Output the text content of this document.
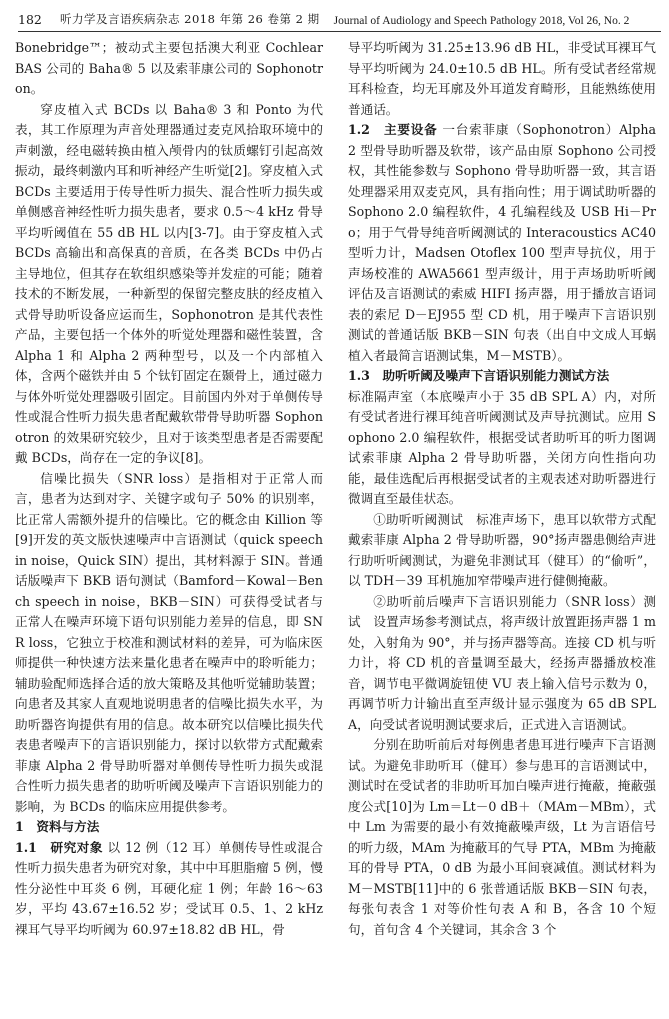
182	听力学及言语疾病杂志 2018 年第 26 卷第 2 期 Journal of Audiology and Speech Pathology 2018, Vol 26, No. 2

Bonebridge™；被动式主要包括澳大利亚 Cochlear BAS 公司的 Baha® 5 以及索菲康公司的 Sophonotron。

穿皮植入式 BCDs 以 Baha® 3 和 Ponto 为代表，其工作原理为声音处理器通过麦克风拾取环境中的声刺激，经电磁转换由植入颅骨内的钛质螺钉引起高效振动，最终刺激内耳和听神经产生听觉[2]。穿皮植入式 BCDs 主要适用于传导性听力损失、混合性听力损失或单侧感音神经性听力损失患者，要求 0.5～4 kHz 骨导平均听阈值在 55 dB HL 以内[3-7]。由于穿皮植入式 BCDs 高输出和高保真的音质，在各类 BCDs 中仍占主导地位，但其存在软组织感染等并发症的可能；随着技术的不断发展，一种新型的保留完整皮肤的经皮植入式骨导助听设备应运而生，Sophonotron 是其代表性产品，主要包括一个体外的听觉处理器和磁性装置，含 Alpha 1 和 Alpha 2 两种型号，以及一个内部植入体，含两个磁铁并由 5 个钛钉固定在颞骨上，通过磁力与体外听觉处理器吸引固定。目前国内外对于单侧传导性或混合性听力损失患者配戴软带骨导助听器 Sophonotron 的效果研究较少，且对于该类型患者是否需要配戴 BCDs，尚存在一定的争议[8]。

信噪比损失（SNR loss）是指相对于正常人而言，患者为达到对字、关键字或句子 50% 的识别率，比正常人需额外提升的信噪比。它的概念由 Killion 等[9]开发的英文版快速噪声中言语测试（quick speech in noise，Quick SIN）提出，其材料源于 SIN。普通话版噪声下 BKB 语句测试（Bamford－Kowal－Bench speech in noise，BKB－SIN）可获得受试者与正常人在噪声环境下语句识别能力差异的信息，即 SNR loss，它独立于校准和测试材料的差异，可为临床医师提供一种快速方法来量化患者在噪声中的聆听能力；辅助验配师选择合适的放大策略及其他听觉辅助装置；向患者及其家人直观地说明患者的信噪比损失水平，为助听器咨询提供有用的信息。故本研究以信噪比损失代表患者噪声下的言语识别能力，探讨以软带方式配戴索菲康 Alpha 2 骨导助听器对单侧传导性听力损失或混合性听力损失患者的助听听阈及噪声下言语识别能力的影响，为 BCDs 的临床应用提供参考。

1　资料与方法

1.1　研究对象 以 12 例（12 耳）单侧传导性或混合性听力损失患者为研究对象，其中中耳胆脂瘤 5 例，慢性分泌性中耳炎 6 例，耳硬化症 1 例；年龄 16～63 岁，平均 43.67±16.52 岁；受试耳 0.5、1、2 kHz 裸耳气导平均听阈为 60.97±18.82 dB HL，骨

导平均听阈为 31.25±13.96 dB HL，非受试耳裸耳气导平均听阈为 24.0±10.5 dB HL。所有受试者经常规耳科检查，均无耳廓及外耳道发育畸形，且能熟练使用普通话。

1.2　主要设备 一台索菲康（Sophonotron）Alpha 2 型骨导助听器及软带，该产品由原 Sophono 公司授权，其性能参数与 Sophono 骨导助听器一致，其言语处理器采用双麦克风，具有指向性；用于调试助听器的 Sophono 2.0 编程软件，4 孔编程线及 USB Hi－Pro；用于气骨导纯音听阈测试的 Interacoustics AC40 型听力计，Madsen Otoflex 100 型声导抗仪，用于声场校准的 AWA5661 型声级计，用于声场助听听阈评估及言语测试的索威 HIFI 扬声器，用于播放言语词表的索尼 D－EJ955 型 CD 机，用于噪声下言语识别测试的普通话版 BKB－SIN 句表（出自中文成人耳蜗植入者最简言语测试集，M－MSTB）。

1.3　助听听阈及噪声下言语识别能力测试方法

标准隔声室（本底噪声小于 35 dB SPL A）内，对所有受试者进行裸耳纯音听阈测试及声导抗测试。应用 Sophono 2.0 编程软件，根据受试者助听耳的听力图调试索菲康 Alpha 2 骨导助听器，关闭方向性指向功能，最佳选配后再根据受试者的主观表述对助听器进行微调直至最佳状态。

①助听听阈测试　标准声场下，患耳以软带方式配戴索菲康 Alpha 2 骨导助听器，90°扬声器患侧给声进行助听听阈测试，为避免非测试耳（健耳）的“偷听”，以 TDH－39 耳机施加窄带噪声进行健侧掩蔽。

②助听前后噪声下言语识别能力（SNR loss）测试　设置声场参考测试点，将声级计放置距扬声器 1 m 处，入射角为 90°，并与扬声器等高。连接 CD 机与听力计，将 CD 机的音量调至最大，经扬声器播放校准音，调节电平微调旋钮使 VU 表上输入信号示数为 0，再调节听力计输出直至声级计显示强度为 65 dB SPL A，向受试者说明测试要求后，正式进入言语测试。

分别在助听前后对每例患者患耳进行噪声下言语测试。为避免非助听耳（健耳）参与患耳的言语测试中，测试时在受试者的非助听耳加白噪声进行掩蔽，掩蔽强度公式[10]为 Lm＝Lt－0 dB＋（MAm－MBm），式中 Lm 为需要的最小有效掩蔽噪声级，Lt 为言语信号的听力级，MAm 为掩蔽耳的气导 PTA，MBm 为掩蔽耳的骨导 PTA，0 dB 为最小耳间衰减值。测试材料为 M－MSTB[11]中的 6 张普通话版 BKB－SIN 句表，每张句表含 1 对等价性句表 A 和 B，各含 10 个短句，首句含 4 个关键词，其余含 3 个
